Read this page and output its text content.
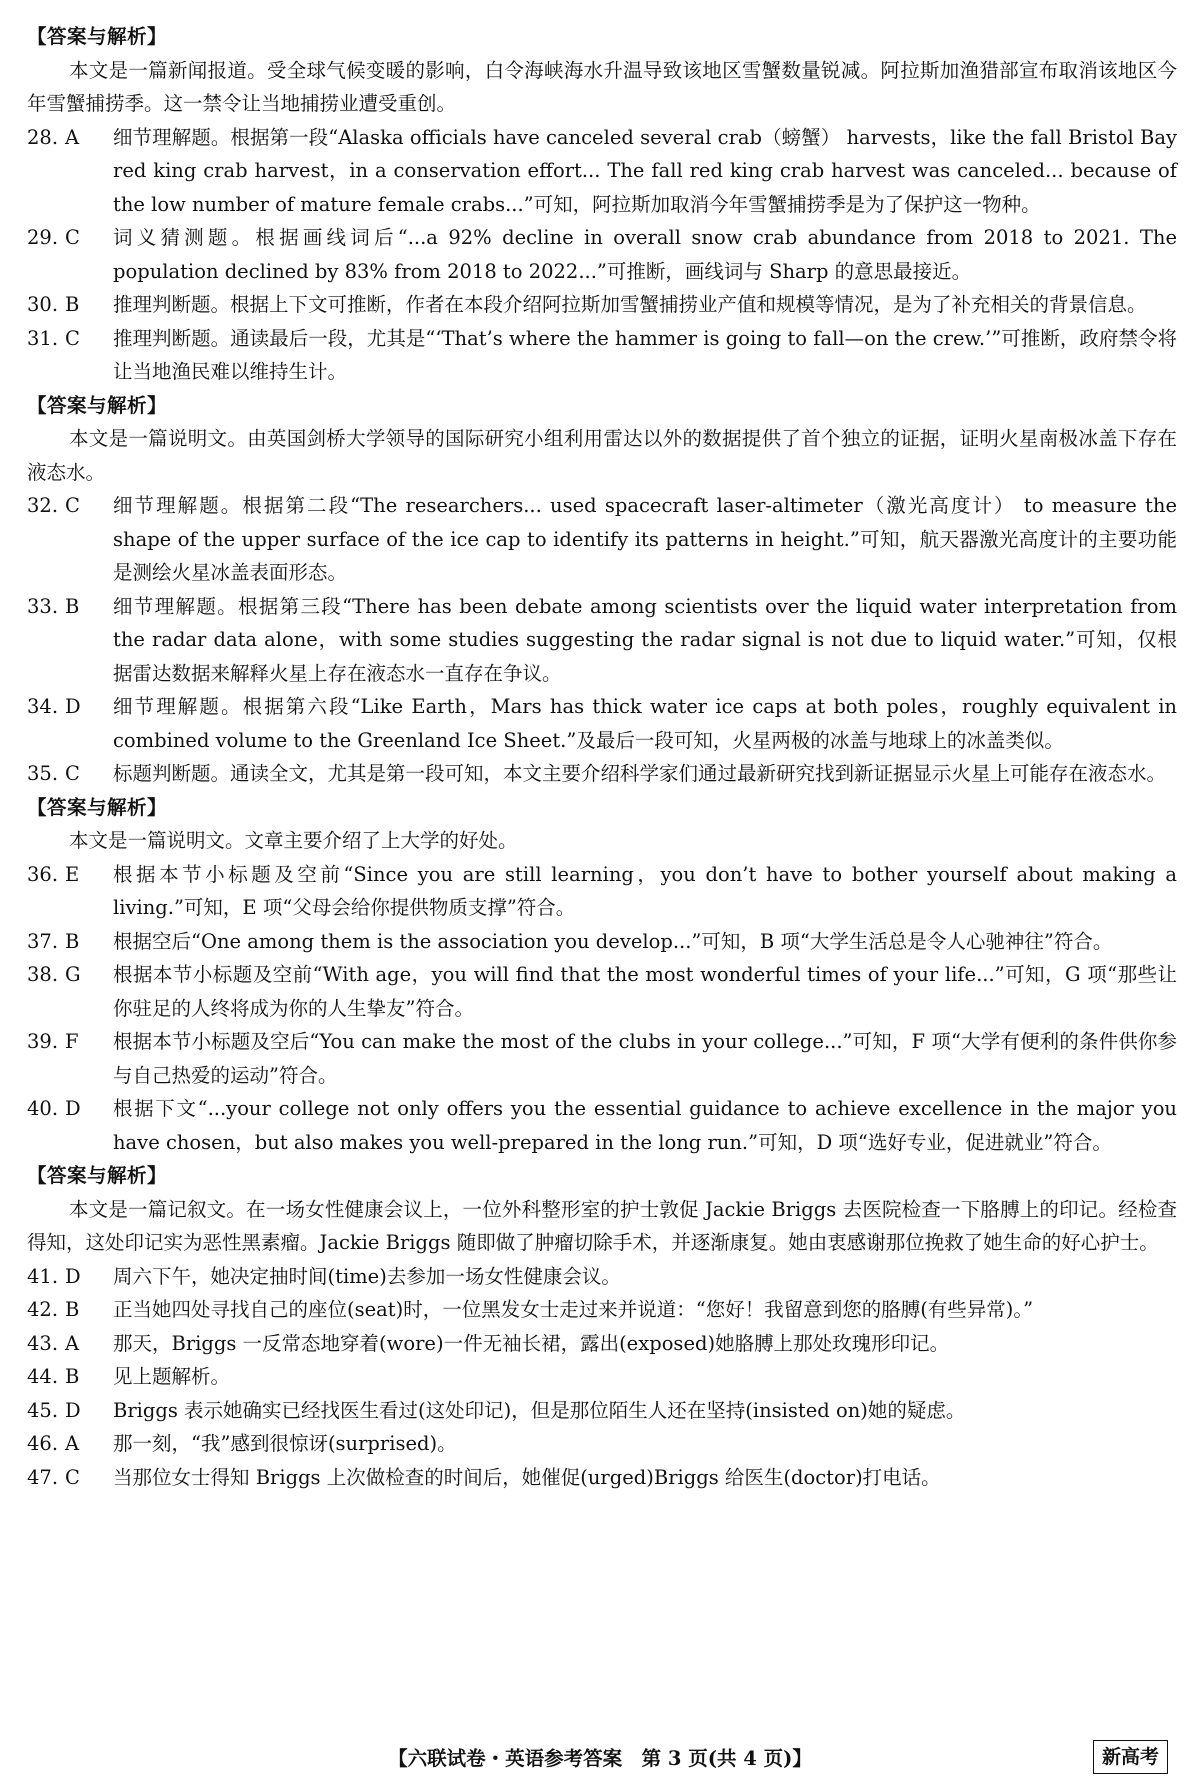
【答案与解析】
本文是一篇新闻报道。受全球气候变暖的影响，白令海峡海水升温导致该地区雪蟹数量锐减。阿拉斯加渔猎部宣布取消该地区今年雪蟹捕捞季。这一禁令让当地捕捞业遭受重创。
28. A	细节理解题。根据第一段“Alaska officials have canceled several crab（螃蟹） harvests，like the fall Bristol Bay red king crab harvest，in a conservation effort... The fall red king crab harvest was canceled... because of the low number of mature female crabs...”可知，阿拉斯加取消今年雪蟹捕捞季是为了保护这一物种。
29. C	词义猜测题。根据画线词后“...a 92% decline in overall snow crab abundance from 2018 to 2021. The population declined by 83% from 2018 to 2022...”可推断，画线词与 Sharp 的意思最接近。
30. B	推理判断题。根据上下文可推断，作者在本段介绍阿拉斯加雪蟹捕捞业产值和规模等情况，是为了补充相关的背景信息。
31. C	推理判断题。通读最后一段，尤其是“‘That’s where the hammer is going to fall—on the crew.’”可推断，政府禁令将让当地渔民难以维持生计。
【答案与解析】
本文是一篇说明文。由英国剑桥大学领导的国际研究小组利用雷达以外的数据提供了首个独立的证据，证明火星南极冰盖下存在液态水。
32. C	细节理解题。根据第二段“The researchers... used spacecraft laser-altimeter（激光高度计） to measure the shape of the upper surface of the ice cap to identify its patterns in height.”可知，航天器激光高度计的主要功能是测绘火星冰盖表面形态。
33. B	细节理解题。根据第三段“There has been debate among scientists over the liquid water interpretation from the radar data alone，with some studies suggesting the radar signal is not due to liquid water.”可知，仅根据雷达数据来解释火星上存在液态水一直存在争议。
34. D	细节理解题。根据第六段“Like Earth，Mars has thick water ice caps at both poles，roughly equivalent in combined volume to the Greenland Ice Sheet.”及最后一段可知，火星两极的冰盖与地球上的冰盖类似。
35. C	标题判断题。通读全文，尤其是第一段可知，本文主要介绍科学家们通过最新研究找到新证据显示火星上可能存在液态水。
【答案与解析】
本文是一篇说明文。文章主要介绍了上大学的好处。
36. E	根据本节小标题及空前“Since you are still learning，you don’t have to bother yourself about making a living.”可知，E 项“父母会给你提供物质支撑”符合。
37. B	根据空后“One among them is the association you develop...”可知，B 项“大学生活总是令人心驰神往”符合。
38. G	根据本节小标题及空前“With age，you will find that the most wonderful times of your life...”可知，G 项“那些让你驻足的人终将成为你的人生挚友”符合。
39. F	根据本节小标题及空后“You can make the most of the clubs in your college...”可知，F 项“大学有便利的条件供你参与自己热爱的运动”符合。
40. D	根据下文“...your college not only offers you the essential guidance to achieve excellence in the major you have chosen，but also makes you well-prepared in the long run.”可知，D 项“选好专业，促进就业”符合。
【答案与解析】
本文是一篇记叙文。在一场女性健康会议上，一位外科整形室的护士敦促 Jackie Briggs 去医院检查一下胳膊上的印记。经检查得知，这处印记实为恶性黑素瘤。Jackie Briggs 随即做了肿瘤切除手术，并逐渐康复。她由衷感谢那位挽救了她生命的好心护士。
41. D	周六下午，她决定抽时间(time)去参加一场女性健康会议。
42. B	正当她四处寻找自己的座位(seat)时，一位黑发女士走过来并说道：“您好！我留意到您的胳膊(有些异常)。”
43. A	那天，Briggs 一反常态地穿着(wore)一件无袖长裙，露出(exposed)她胳膊上那处玫瑰形印记。
44. B	见上题解析。
45. D	Briggs 表示她确实已经找医生看过(这处印记)，但是那位陌生人还在坚持(insisted on)她的疑虑。
46. A	那一刻，“我”感到很惊讶(surprised)。
47. C	当那位女士得知 Briggs 上次做检查的时间后，她催促(urged)Briggs 给医生(doctor)打电话。
【六联试卷・英语参考答案　第 3 页(共 4 页)】	新高考
